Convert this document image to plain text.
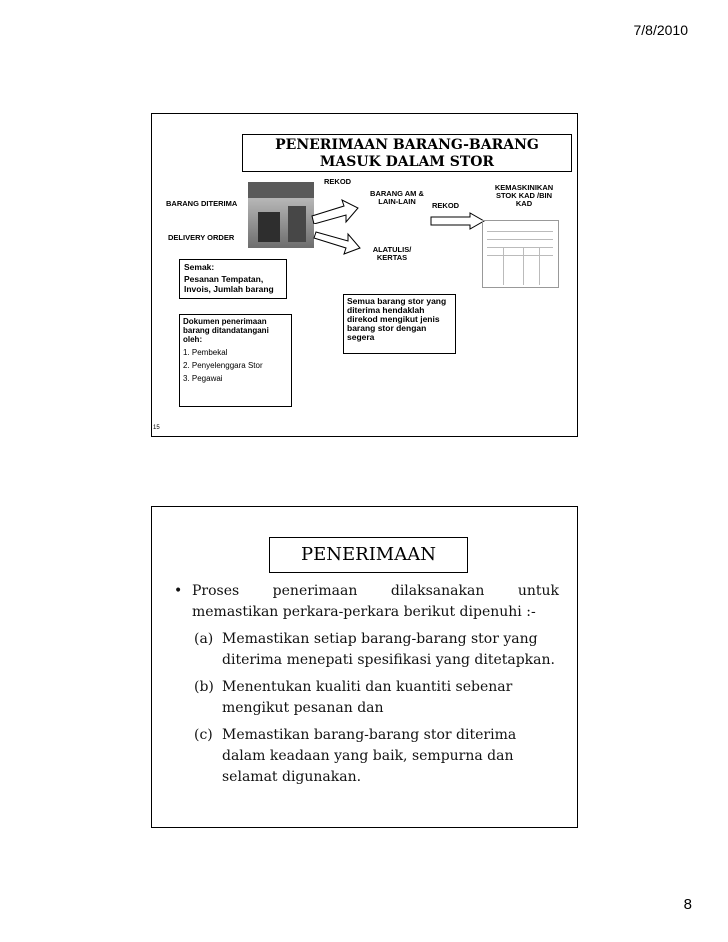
7/8/2010
PENERIMAAN BARANG-BARANG MASUK DALAM STOR
BARANG DITERIMA
DELIVERY ORDER
REKOD
BARANG AM & LAIN-LAIN	REKOD
KEMASKINIKAN STOK KAD /BIN KAD
ALATULIS/ KERTAS
Semak:
Pesanan Tempatan, Invois, Jumlah barang

Dokumen penerimaan barang ditandatangani oleh:

1. Pembekal

2. Penyelenggara Stor

3. Pegawai

Semua barang stor yang diterima hendaklah direkod mengikut jenis barang stor dengan segera
15
PENERIMAAN
• Proses penerimaan dilaksanakan untuk memastikan perkara-perkara berikut dipenuhi :-
(a) Memastikan setiap barang-barang stor yang diterima menepati spesifikasi yang ditetapkan.
(b) Menentukan kualiti dan kuantiti sebenar mengikut pesanan dan
(c) Memastikan barang-barang stor diterima dalam keadaan yang baik, sempurna dan selamat digunakan.
8
